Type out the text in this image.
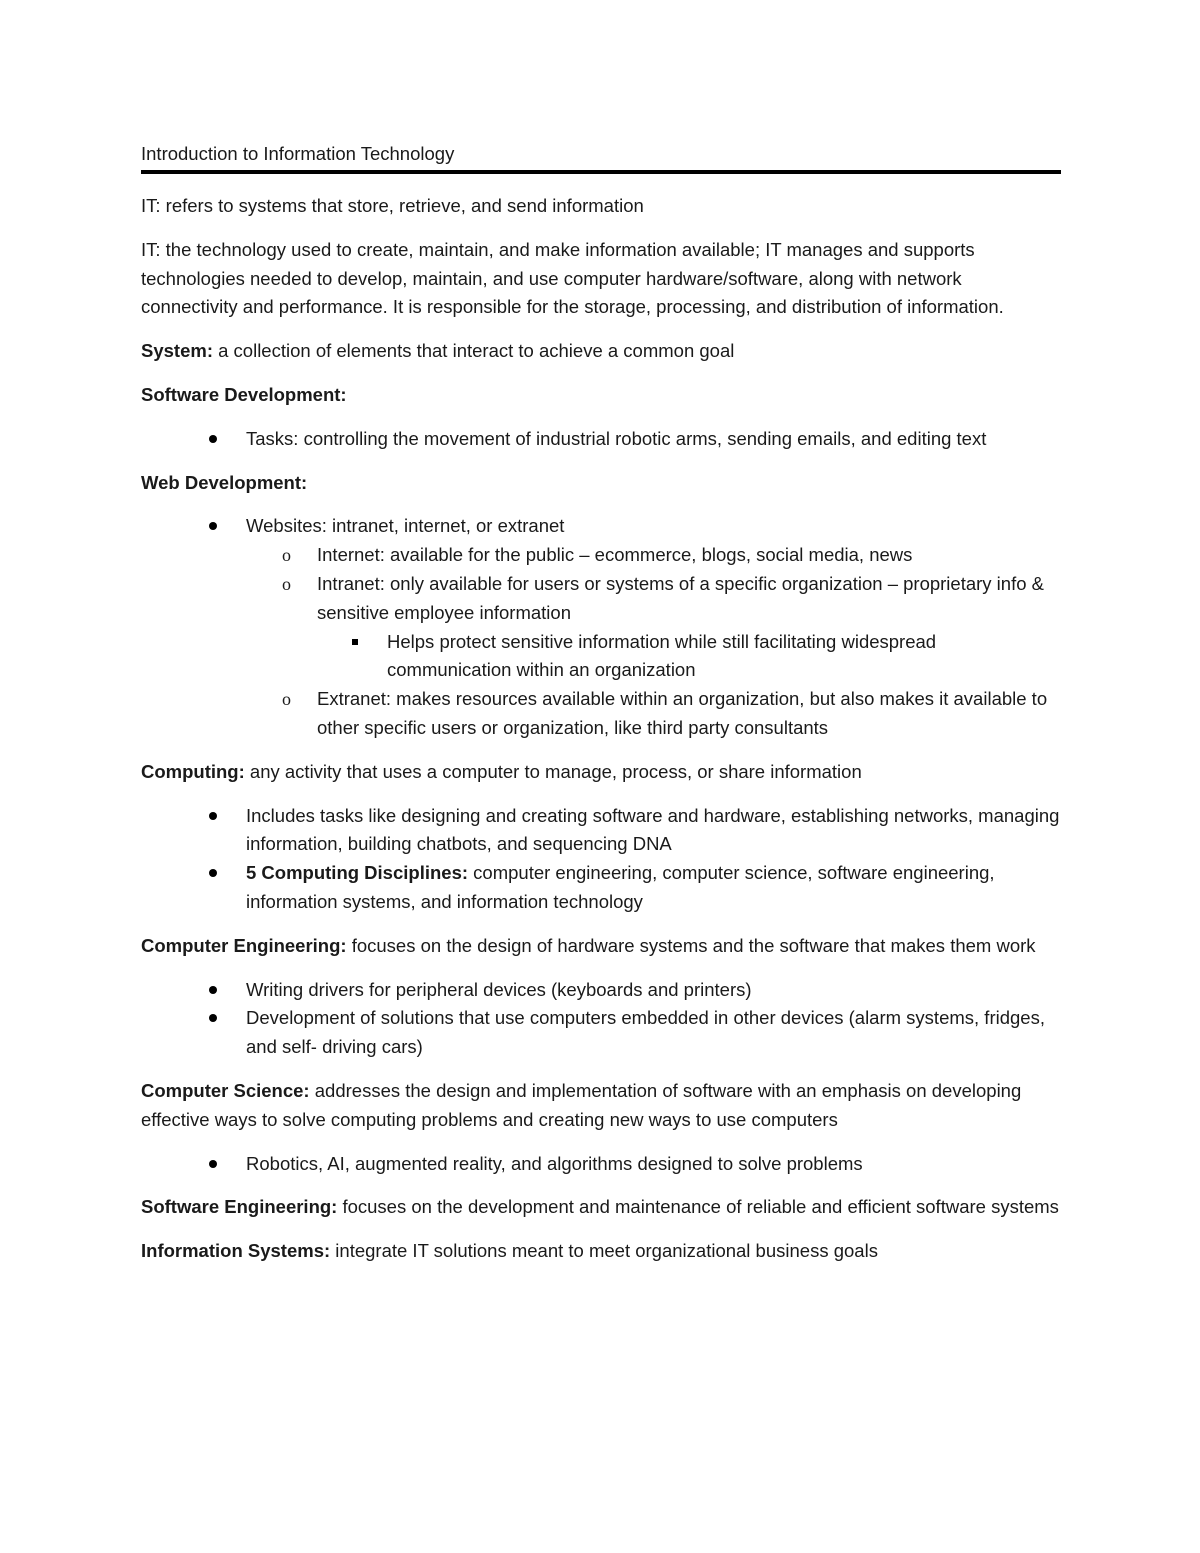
Introduction to Information Technology

IT: refers to systems that store, retrieve, and send information

IT: the technology used to create, maintain, and make information available; IT manages and supports technologies needed to develop, maintain, and use computer hardware/software, along with network connectivity and performance. It is responsible for the storage, processing, and distribution of information.

System: a collection of elements that interact to achieve a common goal

Software Development:

Tasks: controlling the movement of industrial robotic arms, sending emails, and editing text

Web Development:

Websites: intranet, internet, or extranet
o Internet: available for the public – ecommerce, blogs, social media, news
o Intranet: only available for users or systems of a specific organization – proprietary info & sensitive employee information
Helps protect sensitive information while still facilitating widespread communication within an organization
o Extranet: makes resources available within an organization, but also makes it available to other specific users or organization, like third party consultants

Computing: any activity that uses a computer to manage, process, or share information

Includes tasks like designing and creating software and hardware, establishing networks, managing information, building chatbots, and sequencing DNA
5 Computing Disciplines: computer engineering, computer science, software engineering, information systems, and information technology

Computer Engineering: focuses on the design of hardware systems and the software that makes them work

Writing drivers for peripheral devices (keyboards and printers)
Development of solutions that use computers embedded in other devices (alarm systems, fridges, and self- driving cars)

Computer Science: addresses the design and implementation of software with an emphasis on developing effective ways to solve computing problems and creating new ways to use computers

Robotics, AI, augmented reality, and algorithms designed to solve problems

Software Engineering: focuses on the development and maintenance of reliable and efficient software systems

Information Systems: integrate IT solutions meant to meet organizational business goals
